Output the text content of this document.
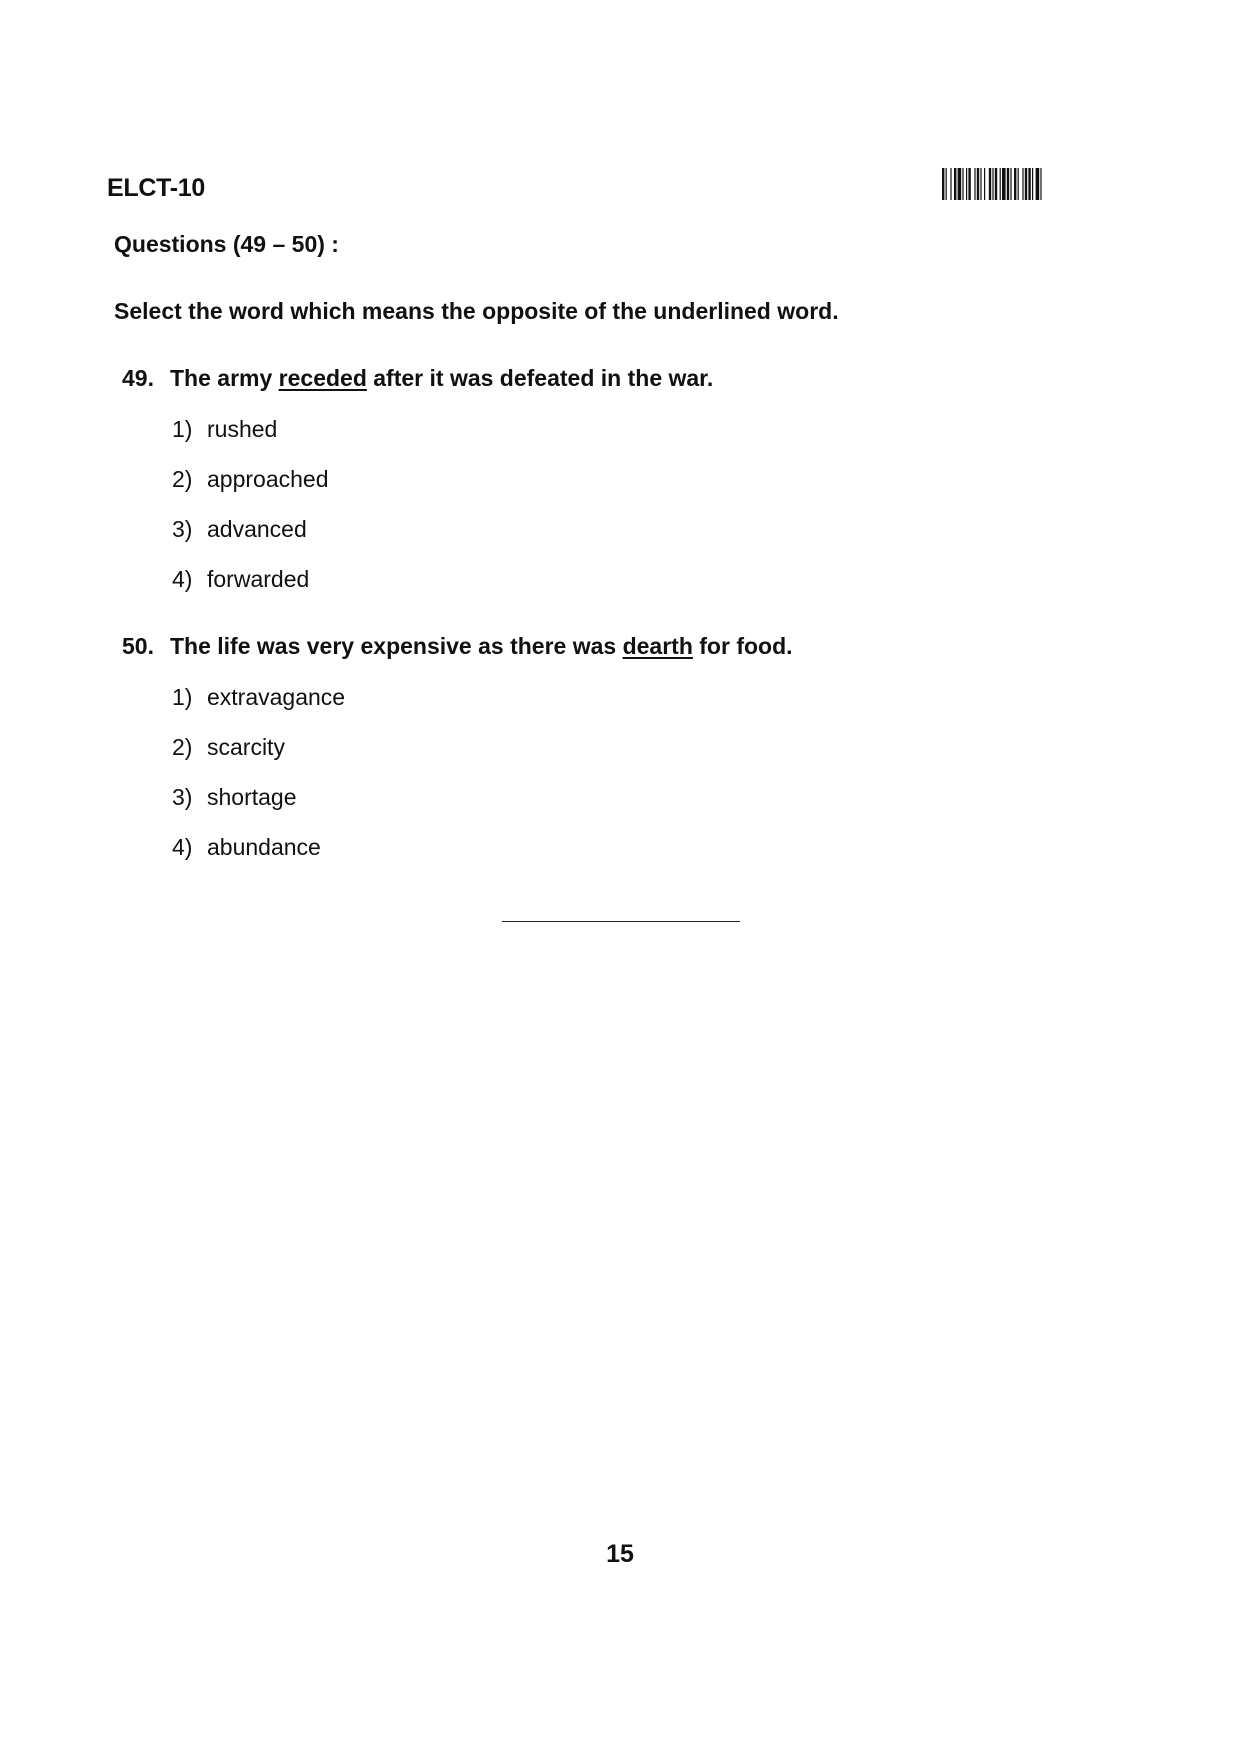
ELCT-10
Questions (49 – 50) :
Select the word which means the opposite of the underlined word.
49. The army receded after it was defeated in the war.
1) rushed
2) approached
3) advanced
4) forwarded
50. The life was very expensive as there was dearth for food.
1) extravagance
2) scarcity
3) shortage
4) abundance
15
